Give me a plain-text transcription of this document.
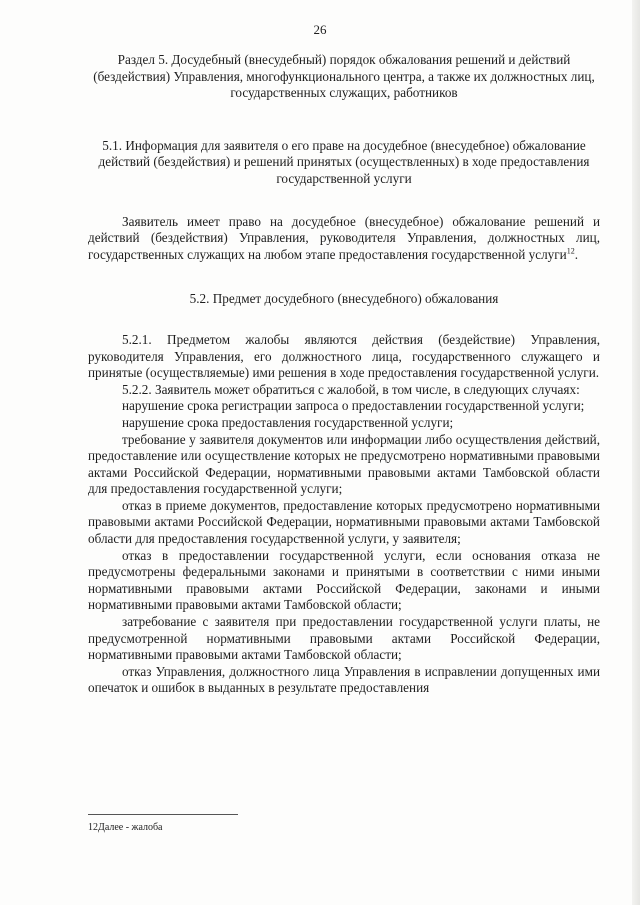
26
Раздел 5. Досудебный (внесудебный) порядок обжалования решений и действий (бездействия) Управления, многофункционального центра, а также их должностных лиц, государственных служащих, работников
5.1. Информация для заявителя о его праве на досудебное (внесудебное) обжалование действий (бездействия) и решений принятых (осуществленных) в ходе предоставления государственной услуги

Заявитель имеет право на досудебное (внесудебное) обжалование решений и действий (бездействия) Управления, руководителя Управления, должностных лиц, государственных служащих на любом этапе предоставления государственной услуги$^{12}$.

5.2. Предмет досудебного (внесудебного) обжалования

5.2.1. Предметом жалобы являются действия (бездействие) Управления, руководителя Управления, его должностного лица, государственного служащего и принятые (осуществляемые) ими решения в ходе предоставления государственной услуги.

5.2.2. Заявитель может обратиться с жалобой, в том числе, в следующих случаях:

нарушение срока регистрации запроса о предоставлении государственной услуги;

нарушение срока предоставления государственной услуги;

требование у заявителя документов или информации либо осуществления действий, предоставление или осуществление которых не предусмотрено нормативными правовыми актами Российской Федерации, нормативными правовыми актами Тамбовской области для предоставления государственной услуги;

отказ в приеме документов, предоставление которых предусмотрено нормативными правовыми актами Российской Федерации, нормативными правовыми актами Тамбовской области для предоставления государственной услуги, у заявителя;

отказ в предоставлении государственной услуги, если основания отказа не предусмотрены федеральными законами и принятыми в соответствии с ними иными нормативными правовыми актами Российской Федерации, законами и иными нормативными правовыми актами Тамбовской области;

затребование с заявителя при предоставлении государственной услуги платы, не предусмотренной нормативными правовыми актами Российской Федерации, нормативными правовыми актами Тамбовской области;

отказ Управления, должностного лица Управления в исправлении допущенных ими опечаток и ошибок в выданных в результате предоставления

12Далее - жалоба
